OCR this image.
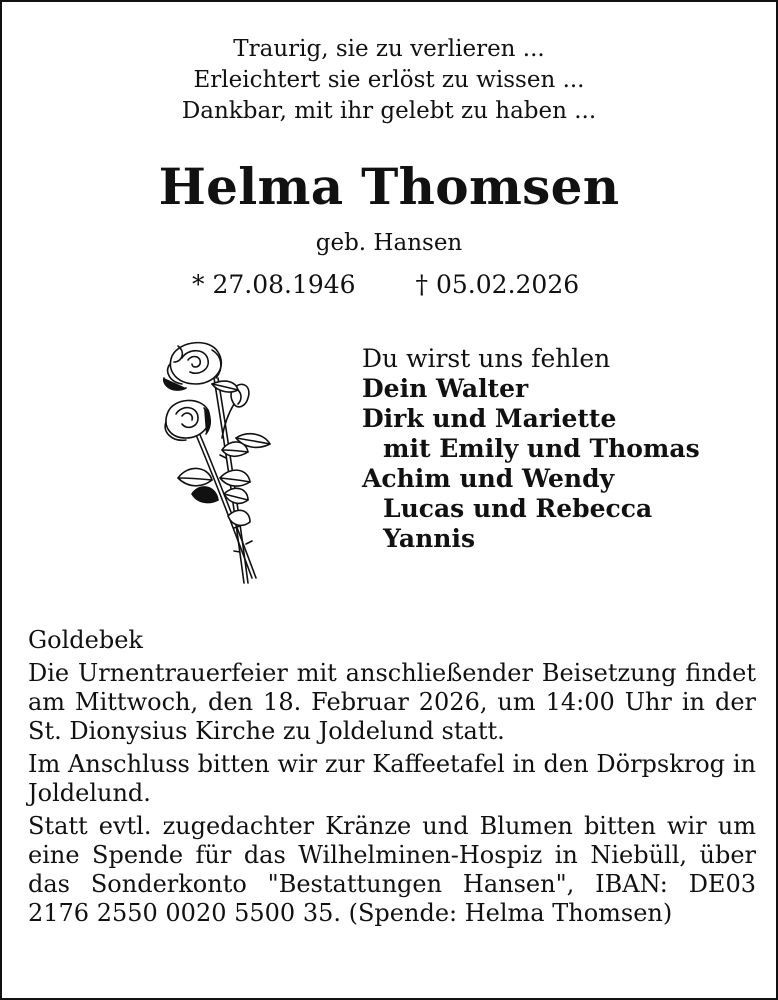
Traurig, sie zu verlieren ...
Erleichtert sie erlöst zu wissen ...
Dankbar, mit ihr gelebt zu haben ...
Helma Thomsen
geb. Hansen
* 27.08.1946 † 05.02.2026
Du wirst uns fehlen
Dein Walter
Dirk und Mariette
mit Emily und Thomas
Achim und Wendy
Lucas und Rebecca
Yannis

Goldebek

Die Urnentrauerfeier mit anschließender Beisetzung findet am Mittwoch, den 18. Februar 2026, um 14:00 Uhr in der St. Dionysius Kirche zu Joldelund statt.

Im Anschluss bitten wir zur Kaffeetafel in den Dörpskrog in Joldelund.

Statt evtl. zugedachter Kränze und Blumen bitten wir um eine Spende für das Wilhelminen-Hospiz in Niebüll, über das Sonderkonto "Bestattungen Hansen", IBAN: DE03 2176 2550 0020 5500 35. (Spende: Helma Thomsen)
